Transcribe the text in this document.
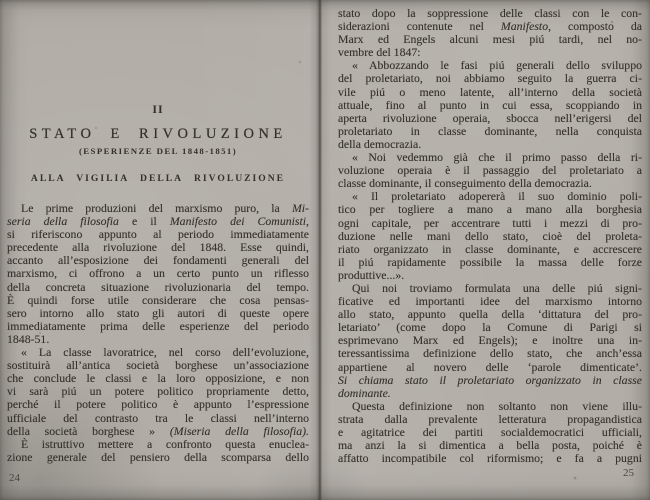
II
STATO E RIVOLUZIONE
(ESPERIENZE DEL 1848-1851)
ALLA VIGILIA DELLA RIVOLUZIONE
Le prime produzioni del marxismo puro, la Mi-
seria della filosofia e il Manifesto dei Comunisti,
si riferiscono appunto al periodo immediatamente
precedente alla rivoluzione del 1848. Esse quindi,
accanto all’esposizione dei fondamenti generali del
marxismo, ci offrono a un certo punto un riflesso
della concreta situazione rivoluzionaria del tempo.
È quindi forse utile considerare che cosa pensas-
sero intorno allo stato gli autori di queste opere
immediatamente prima delle esperienze del periodo
1848-51.
« La classe lavoratrice, nel corso dell’evoluzione,
sostituirà all’antica società borghese un’associazione
che conclude le classi e la loro opposizione, e non
vi sarà piú un potere politico propriamente detto,
perché il potere politico è appunto l’espressione
ufficiale del contrasto tra le classi nell’interno
della società borghese » (Miseria della filosofia).
È istruttivo mettere a confronto questa enuclea-
zione generale del pensiero della scomparsa dello
24
stato dopo la soppressione delle classi con le con-
siderazioni contenute nel Manifesto, composto da
Marx ed Engels alcuni mesi piú tardi, nel no-
vembre del 1847:
« Abbozzando le fasi piú generali dello sviluppo
del proletariato, noi abbiamo seguito la guerra ci-
vile piú o meno latente, all’interno della società
attuale, fino al punto in cui essa, scoppiando in
aperta rivoluzione operaia, sbocca nell’erigersi del
proletariato in classe dominante, nella conquista
della democrazia.
« Noi vedemmo già che il primo passo della ri-
voluzione operaia è il passaggio del proletariato a
classe dominante, il conseguimento della democrazia.
« Il proletariato adopererà il suo dominio poli-
tico per togliere a mano a mano alla borghesia
ogni capitale, per accentrare tutti i mezzi di pro-
duzione nelle mani dello stato, cioè del proleta-
riato organizzato in classe dominante, e accrescere
il piú rapidamente possibile la massa delle forze
produttive...».
Qui noi troviamo formulata una delle piú signi-
ficative ed importanti idee del marxismo intorno
allo stato, appunto quella della ‘dittatura del pro-
letariato’ (come dopo la Comune di Parigi si
esprimevano Marx ed Engels); e inoltre una in-
teressantissima definizione dello stato, che anch’essa
appartiene al novero delle ‘parole dimenticate’.
Si chiama stato il proletariato organizzato in classe
dominante.
Questa definizione non soltanto non viene illu-
strata dalla prevalente letteratura propagandistica
e agitatrice dei partiti socialdemocratici ufficiali,
ma anzi la si dimentica a bella posta, poiché è
affatto incompatibile col riformismo; e fa a pugni
25
